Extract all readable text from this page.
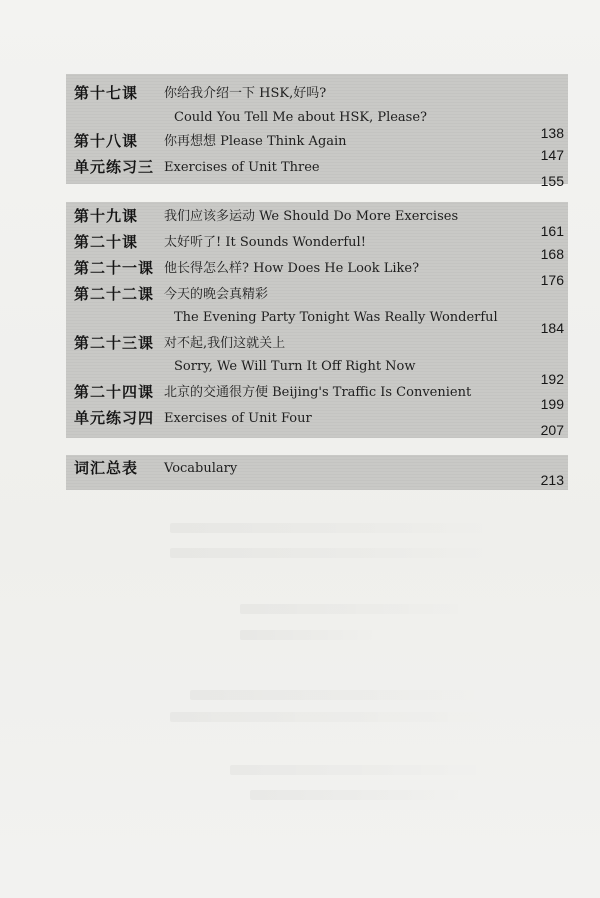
第十七课	你给我介绍一下 HSK,好吗?
Could You Tell Me about HSK, Please?
138
第十八课	你再想想 Please Think Again
147
单元练习三 Exercises of Unit Three
155
第十九课	我们应该多运动 We Should Do More Exercises
161
第二十课	太好听了! It Sounds Wonderful!
168
第二十一课 他长得怎么样? How Does He Look Like?
176
第二十二课 今天的晚会真精彩
The Evening Party Tonight Was Really Wonderful
184
第二十三课 对不起,我们这就关上
Sorry, We Will Turn It Off Right Now
192
第二十四课 北京的交通很方便 Beijing's Traffic Is Convenient
199
单元练习四 Exercises of Unit Four
207
词汇总表	Vocabulary
213
